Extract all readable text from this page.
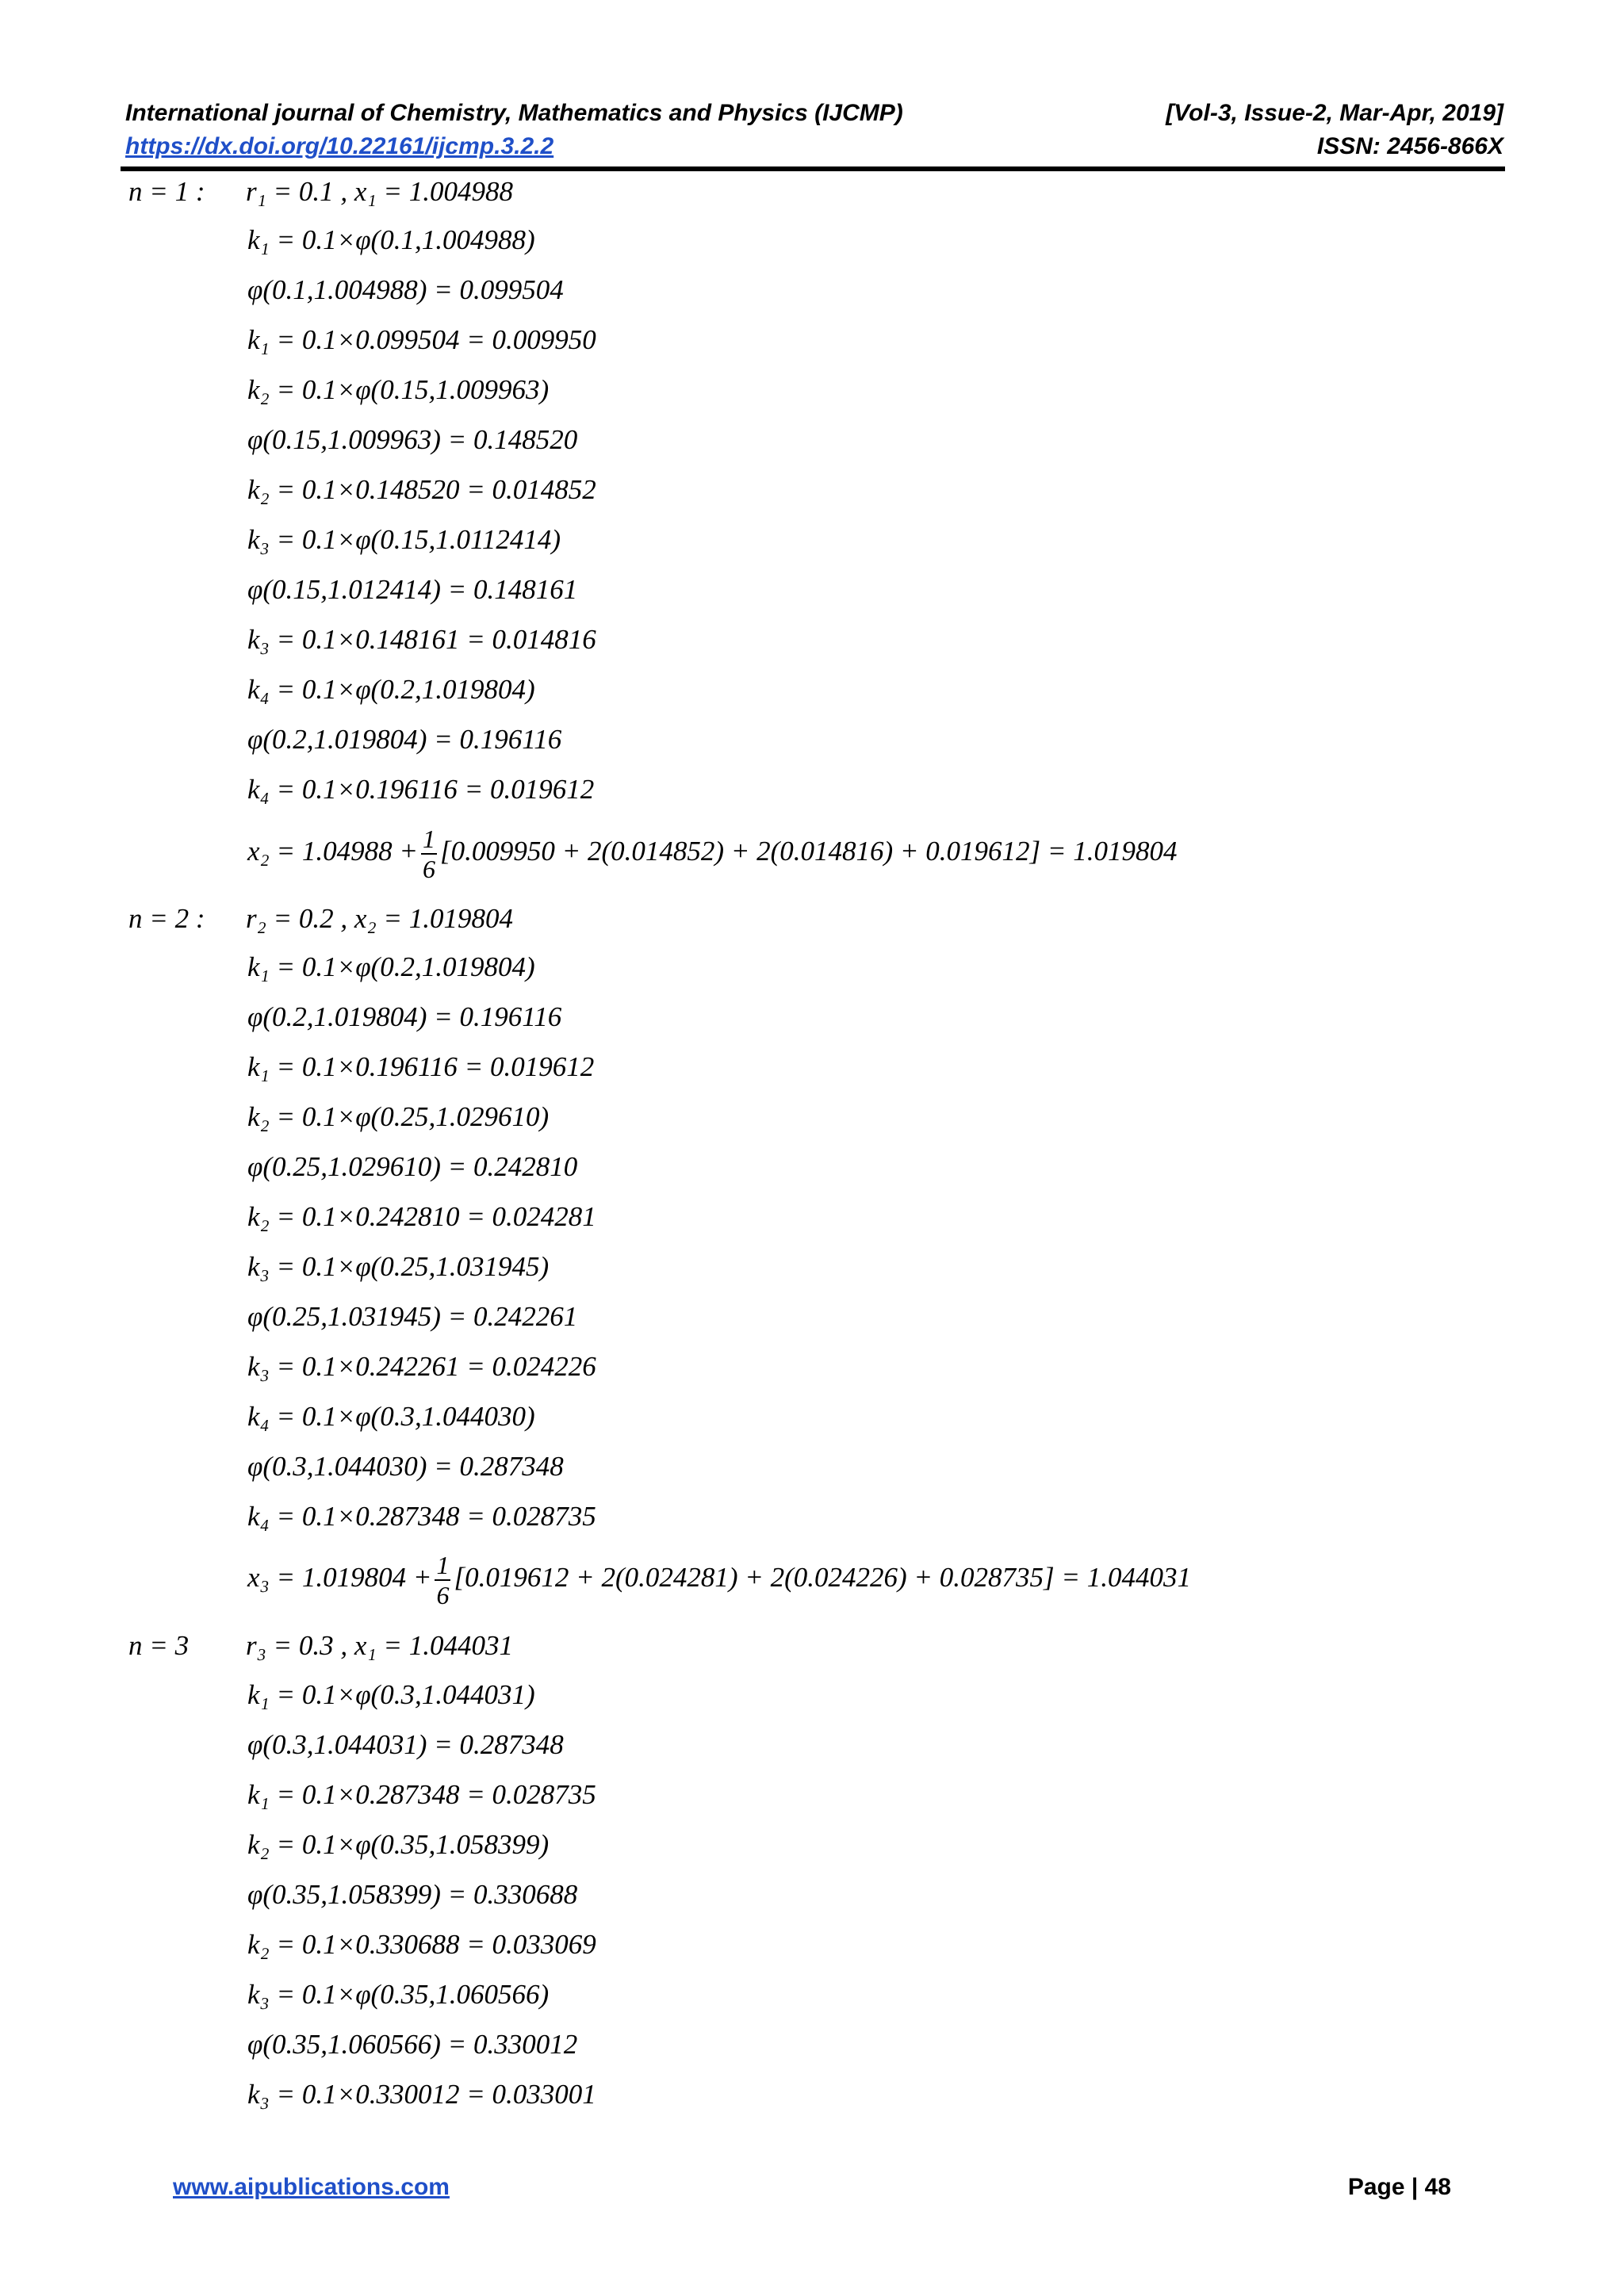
International journal of Chemistry, Mathematics and Physics (IJCMP)	[Vol-3, Issue-2, Mar-Apr, 2019]
https://dx.doi.org/10.22161/ijcmp.3.2.2	ISSN: 2456-866X
n = 1 : r₁ = 0.1 , x₁ = 1.004988
k₁ = 0.1×φ(0.1,1.004988)
φ(0.1,1.004988) = 0.099504
k₁ = 0.1×0.099504 = 0.009950
k₂ = 0.1×φ(0.15,1.009963)
φ(0.15,1.009963) = 0.148520
k₂ = 0.1×0.148520 = 0.014852
k₃ = 0.1×φ(0.15,1.0112414)
φ(0.15,1.012414) = 0.148161
k₃ = 0.1×0.148161 = 0.014816
k₄ = 0.1×φ(0.2,1.019804)
φ(0.2,1.019804) = 0.196116
k₄ = 0.1×0.196116 = 0.019612
$x_2 = 1.04988 + \frac{1}{6} [0.009950 + 2(0.014852) + 2(0.014816) + 0.019612] = 1.019804$
n = 2 : r₂ = 0.2 , x₂ = 1.019804
k₁ = 0.1×φ(0.2,1.019804)
φ(0.2,1.019804) = 0.196116
k₁ = 0.1×0.196116 = 0.019612
k₂ = 0.1×φ(0.25,1.029610)
φ(0.25,1.029610) = 0.242810
k₂ = 0.1×0.242810 = 0.024281
k₃ = 0.1×φ(0.25,1.031945)
φ(0.25,1.031945) = 0.242261
k₃ = 0.1×0.242261 = 0.024226
k₄ = 0.1×φ(0.3,1.044030)
φ(0.3,1.044030) = 0.287348
k₄ = 0.1×0.287348 = 0.028735
$x_3 = 1.019804 + \frac{1}{6} [0.019612 + 2(0.024281) + 2(0.024226) + 0.028735] = 1.044031$
n = 3 r₃ = 0.3 , x₁ = 1.044031
k₁ = 0.1×φ(0.3,1.044031)
φ(0.3,1.044031) = 0.287348
k₁ = 0.1×0.287348 = 0.028735
k₂ = 0.1×φ(0.35,1.058399)
φ(0.35,1.058399) = 0.330688
k₂ = 0.1×0.330688 = 0.033069
k₃ = 0.1×φ(0.35,1.060566)
φ(0.35,1.060566) = 0.330012
k₃ = 0.1×0.330012 = 0.033001
www.aipublications.com	Page | 48
